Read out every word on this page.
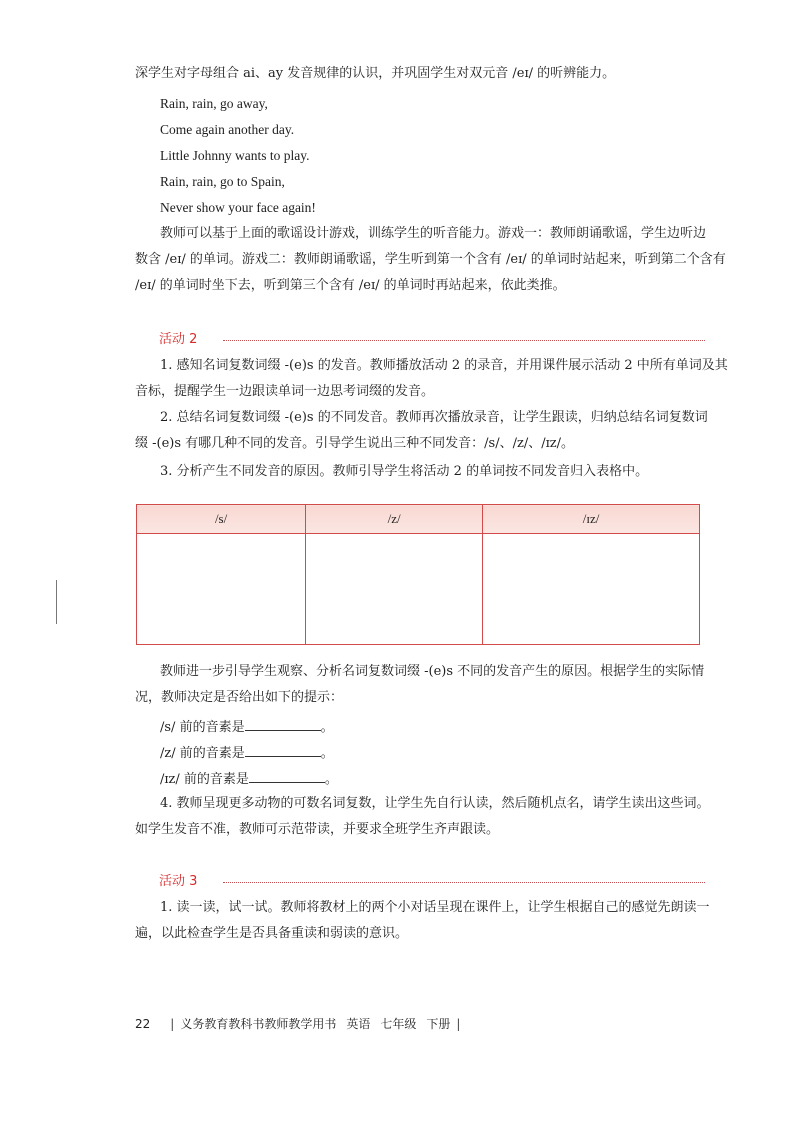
深学生对字母组合 ai、ay 发音规律的认识，并巩固学生对双元音 /eɪ/ 的听辨能力。
Rain, rain, go away,
Come again another day.
Little Johnny wants to play.
Rain, rain, go to Spain,
Never show your face again!
教师可以基于上面的歌谣设计游戏，训练学生的听音能力。游戏一：教师朗诵歌谣，学生边听边
数含 /eɪ/ 的单词。游戏二：教师朗诵歌谣，学生听到第一个含有 /eɪ/ 的单词时站起来，听到第二个含有
/eɪ/ 的单词时坐下去，听到第三个含有 /eɪ/ 的单词时再站起来，依此类推。
活动 2
1. 感知名词复数词缀 -(e)s 的发音。教师播放活动 2 的录音，并用课件展示活动 2 中所有单词及其
音标，提醒学生一边跟读单词一边思考词缀的发音。
2. 总结名词复数词缀 -(e)s 的不同发音。教师再次播放录音，让学生跟读，归纳总结名词复数词
缀 -(e)s 有哪几种不同的发音。引导学生说出三种不同发音：/s/、/z/、/ɪz/。
3. 分析产生不同发音的原因。教师引导学生将活动 2 的单词按不同发音归入表格中。
/s/	/z/	/ɪz/

教师进一步引导学生观察、分析名词复数词缀 -(e)s 不同的发音产生的原因。根据学生的实际情
况，教师决定是否给出如下的提示：
/s/ 前的音素是	。
/z/ 前的音素是	。
/ɪz/ 前的音素是	。
4. 教师呈现更多动物的可数名词复数，让学生先自行认读，然后随机点名，请学生读出这些词。
如学生发音不准，教师可示范带读，并要求全班学生齐声跟读。
活动 3
1. 读一读，试一试。教师将教材上的两个小对话呈现在课件上，让学生根据自己的感觉先朗读一
遍，以此检查学生是否具备重读和弱读的意识。
22 | 义务教育教科书教师教学用书 英语 七年级 下册 |
